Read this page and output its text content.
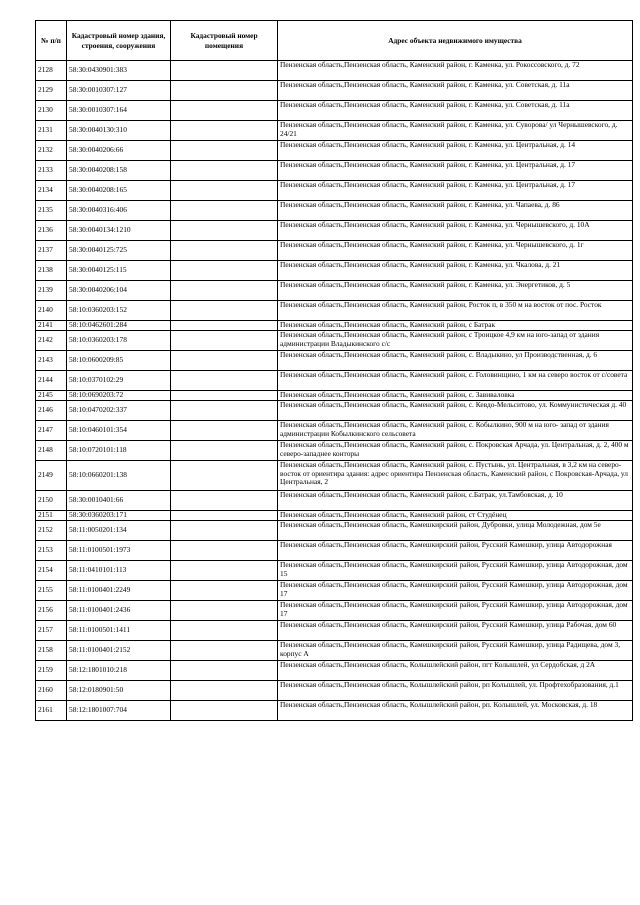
№ п/п	Кадастровый номер здания, строения, сооружения	Кадастровый номер помещения	Адрес объекта недвижимого имущества
2128	58:30:0430901:383		Пензенская область,Пензенская область, Каменский район, г. Каменка, ул. Рокоссовского, д. 72
2129	58:30:0010307:127		Пензенская область,Пензенская область, Каменский район, г. Каменка, ул. Советская, д. 11а
2130	58:30:0010307:164		Пензенская область,Пензенская область, Каменский район, г. Каменка, ул. Советская, д. 11а
2131	58:30:0040130:310		Пензенская область,Пензенская область, Каменский район, г. Каменка, ул. Суворова/ ул Чернышевского, д. 24/21
2132	58:30:0040206:66		Пензенская область,Пензенская область, Каменский район, г. Каменка, ул. Центральная, д. 14
2133	58:30:0040208:158		Пензенская область,Пензенская область, Каменский район, г. Каменка, ул. Центральная, д. 17
2134	58:30:0040208:165		Пензенская область,Пензенская область, Каменский район, г. Каменка, ул. Центральная, д. 17
2135	58:30:0040316:406		Пензенская область,Пензенская область, Каменский район, г. Каменка, ул. Чапаева, д. 86
2136	58:30:0040134:1210		Пензенская область,Пензенская область, Каменский район, г. Каменка, ул. Чернышевского, д. 10А
2137	58:30:0040125:725		Пензенская область,Пензенская область, Каменский район, г. Каменка, ул. Чернышевского, д. 1г
2138	58:30:0040125:115		Пензенская область,Пензенская область, Каменский район, г. Каменка, ул. Чкалова, д. 21
2139	58:30:0040206:104		Пензенская область,Пензенская область, Каменский район, г. Каменка, ул. Энергетиков, д. 5
2140	58:10:0360203:152		Пензенская область,Пензенская область, Каменский район, Росток п, в 350 м на восток от пос. Росток
2141	58:10:0462601:284		Пензенская область,Пензенская область, Каменский район, с Батрак
2142	58:10:0360203:178		Пензенская область,Пензенская область, Каменский район, с Троицкое 4,9 км на юго-запад от здания администрации Владыкинского с/с
2143	58:10:0600209:85		Пензенская область,Пензенская область, Каменский район, с. Владыкино, ул Производственная, д. 6
2144	58:10:0370102:29		Пензенская область,Пензенская область, Каменский район, с. Головинщино, 1 км на северо восток от с/совета
2145	58:10:0690203:72		Пензенская область,Пензенская область, Каменский район, с. Завиваловка
2146	58:10:0470202:337		Пензенская область,Пензенская область, Каменский район, с. Кевдо-Мельситово, ул. Коммунистическая д. 40
2147	58:10:0460101:354		Пензенская область,Пензенская область, Каменский район, с. Кобылкино, 900 м на юго- запад от здания администрации Кобылкинского сельсовета
2148	58:10:0720101:118		Пензенская область,Пензенская область, Каменский район, с. Покровская Арчада, ул. Центральная, д. 2, 400 м северо-западнее конторы
2149	58:10:0660201:138		Пензенская область,Пензенская область, Каменский район, с. Пустынь, ул. Центральная, в 3,2 км на северо-восток от ориентира здания: адрес ориентира Пензенская область, Каменский район, с Покровская-Арчада, ул Центральная, 2
2150	58:30:0010401:66		Пензенская область,Пензенская область, Каменский район, с.Батрак, ул.Тамбовская, д. 10
2151	58:30:0360203:171		Пензенская область,Пензенская область, Каменский район, ст Студёнец
2152	58:11:0050201:134		Пензенская область,Пензенская область, Камешкирский район, Дубровки, улица Молодежная, дом 5е
2153	58:11:0100501:1973		Пензенская область,Пензенская область, Камешкирский район, Русский Камешкир, улица Автодорожная
2154	58:11:0410101:113		Пензенская область,Пензенская область, Камешкирский район, Русский Камешкир, улица Автодорожная, дом 15
2155	58:11:0100401:2249		Пензенская область,Пензенская область, Камешкирский район, Русский Камешкир, улица Автодорожная, дом 17
2156	58:11:0100401:2436		Пензенская область,Пензенская область, Камешкирский район, Русский Камешкир, улица Автодорожная, дом 17
2157	58:11:0100501:1411		Пензенская область,Пензенская область, Камешкирский район, Русский Камешкир, улица Рабочая, дом 60
2158	58:11:0100401:2152		Пензенская область,Пензенская область, Камешкирский район, Русский Камешкир, улица Радищева, дом 3, корпус А
2159	58:12:1801010:218		Пензенская область,Пензенская область, Колышлейский район, пгт Колышлей, ул Сердобская, д 2А
2160	58:12:0180901:50		Пензенская область,Пензенская область, Колышлейский район, рп Колышлей, ул. Профтехобразования, д.1
2161	58:12:1801007:704		Пензенская область,Пензенская область, Колышлейский район, рп. Колышлей, ул. Московская, д. 18
